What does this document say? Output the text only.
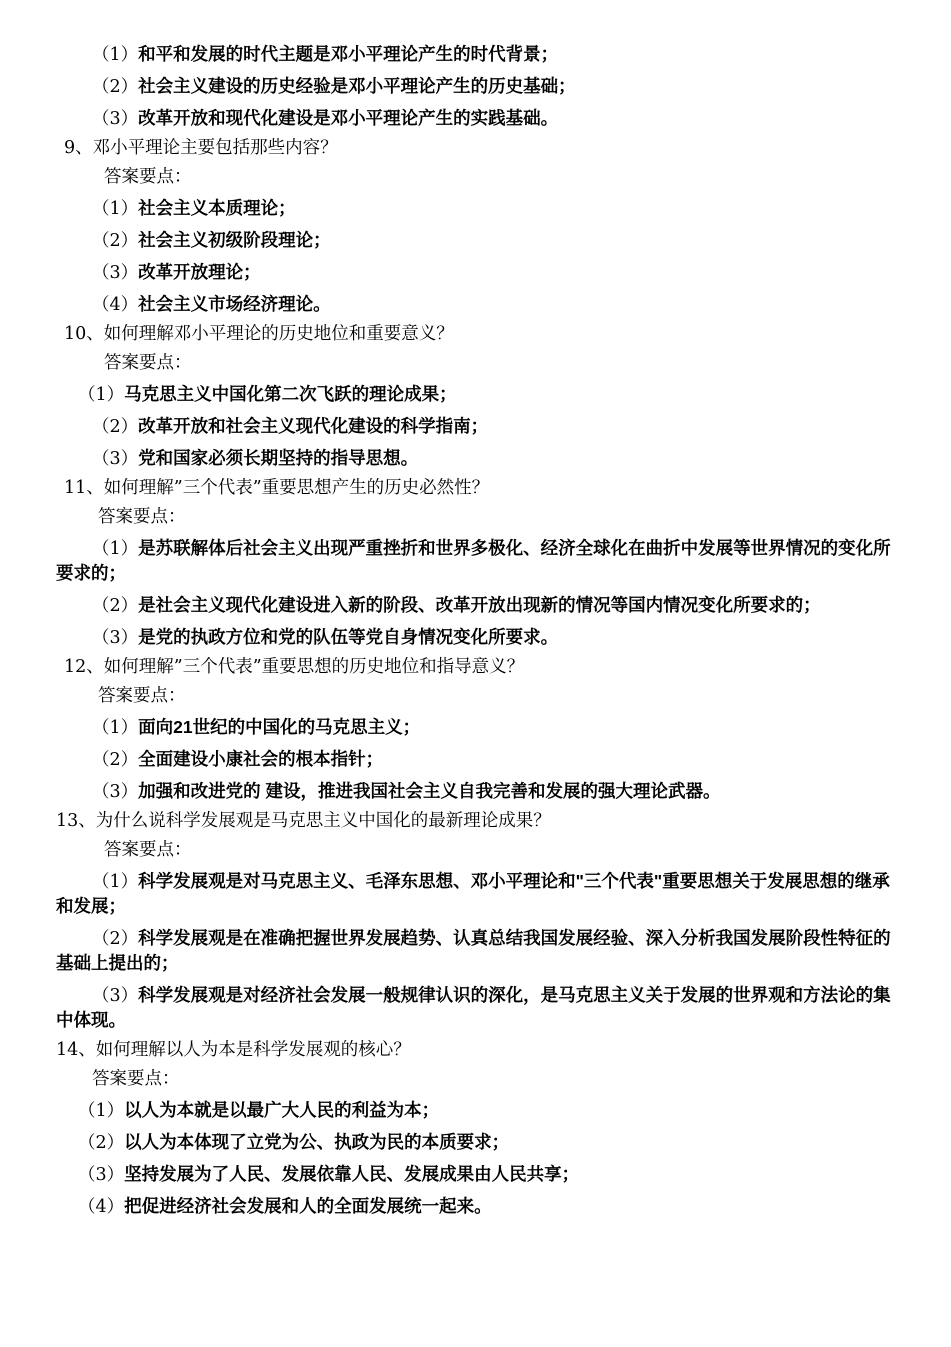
（1）和平和发展的时代主题是邓小平理论产生的时代背景；
（2）社会主义建设的历史经验是邓小平理论产生的历史基础；
（3）改革开放和现代化建设是邓小平理论产生的实践基础。
9、邓小平理论主要包括那些内容？
答案要点：
（1）社会主义本质理论；
（2）社会主义初级阶段理论；
（3）改革开放理论；
（4）社会主义市场经济理论。
10、如何理解邓小平理论的历史地位和重要意义？
答案要点：
（1）马克思主义中国化第二次飞跃的理论成果；
（2）改革开放和社会主义现代化建设的科学指南；
（3）党和国家必须长期坚持的指导思想。
11、如何理解”三个代表”重要思想产生的历史必然性？
答案要点：
（1）是苏联解体后社会主义出现严重挫折和世界多极化、经济全球化在曲折中发展等世界情况的变化所要求的；
（2）是社会主义现代化建设进入新的阶段、改革开放出现新的情况等国内情况变化所要求的；
（3）是党的执政方位和党的队伍等党自身情况变化所要求。
12、如何理解”三个代表”重要思想的历史地位和指导意义？
答案要点：
（1）面向21世纪的中国化的马克思主义；
（2）全面建设小康社会的根本指针；
（3）加强和改进党的 建设，推进我国社会主义自我完善和发展的强大理论武器。
13、为什么说科学发展观是马克思主义中国化的最新理论成果？
答案要点：
（1）科学发展观是对马克思主义、毛泽东思想、邓小平理论和"三个代表"重要思想关于发展思想的继承和发展；
（2）科学发展观是在准确把握世界发展趋势、认真总结我国发展经验、深入分析我国发展阶段性特征的基础上提出的；
（3）科学发展观是对经济社会发展一般规律认识的深化，是马克思主义关于发展的世界观和方法论的集中体现。
14、如何理解以人为本是科学发展观的核心？
答案要点：
（1）以人为本就是以最广大人民的利益为本；
（2）以人为本体现了立党为公、执政为民的本质要求；
（3）坚持发展为了人民、发展依靠人民、发展成果由人民共享；
（4）把促进经济社会发展和人的全面发展统一起来。
